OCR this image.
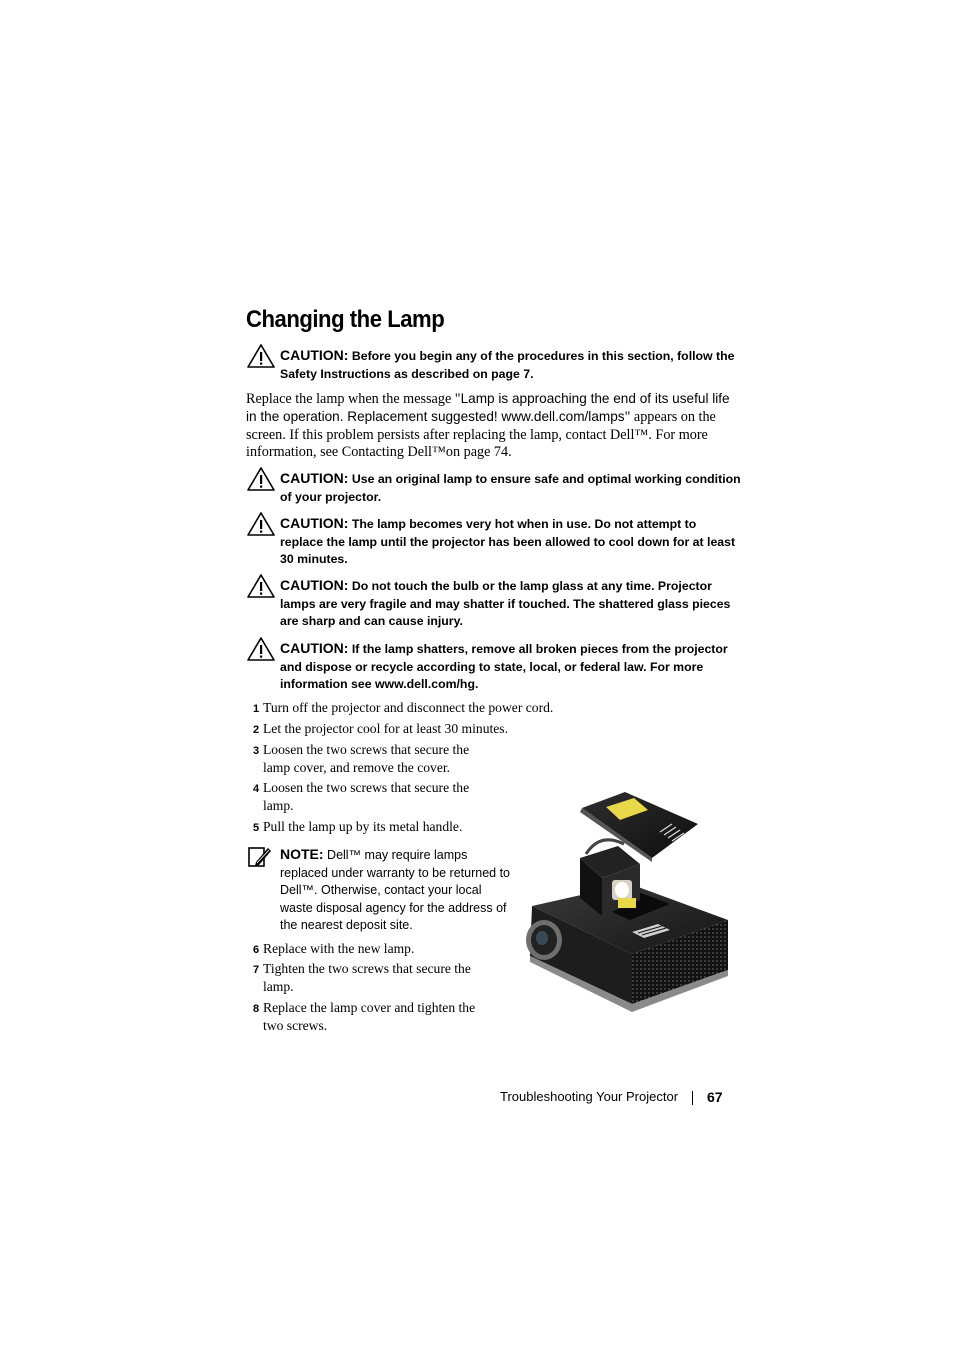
Changing the Lamp
CAUTION: Before you begin any of the procedures in this section, follow the Safety Instructions as described on page 7.

Replace the lamp when the message "Lamp is approaching the end of its useful life in the operation. Replacement suggested! www.dell.com/lamps" appears on the screen. If this problem persists after replacing the lamp, contact Dell™. For more information, see Contacting Dell™on page 74.

CAUTION: Use an original lamp to ensure safe and optimal working condition of your projector.
CAUTION: The lamp becomes very hot when in use. Do not attempt to replace the lamp until the projector has been allowed to cool down for at least 30 minutes.
CAUTION: Do not touch the bulb or the lamp glass at any time. Projector lamps are very fragile and may shatter if touched. The shattered glass pieces are sharp and can cause injury.
CAUTION: If the lamp shatters, remove all broken pieces from the projector and dispose or recycle according to state, local, or federal law. For more information see www.dell.com/hg.

1 Turn off the projector and disconnect the power cord.

2 Let the projector cool for at least 30 minutes.

3 Loosen the two screws that secure the lamp cover, and remove the cover.

4 Loosen the two screws that secure the lamp.

5 Pull the lamp up by its metal handle.

NOTE: Dell™ may require lamps replaced under warranty to be returned to Dell™. Otherwise, contact your local waste disposal agency for the address of the nearest deposit site.

6 Replace with the new lamp.

7 Tighten the two screws that secure the lamp.

8 Replace the lamp cover and tighten the two screws.

Troubleshooting Your Projector 67
